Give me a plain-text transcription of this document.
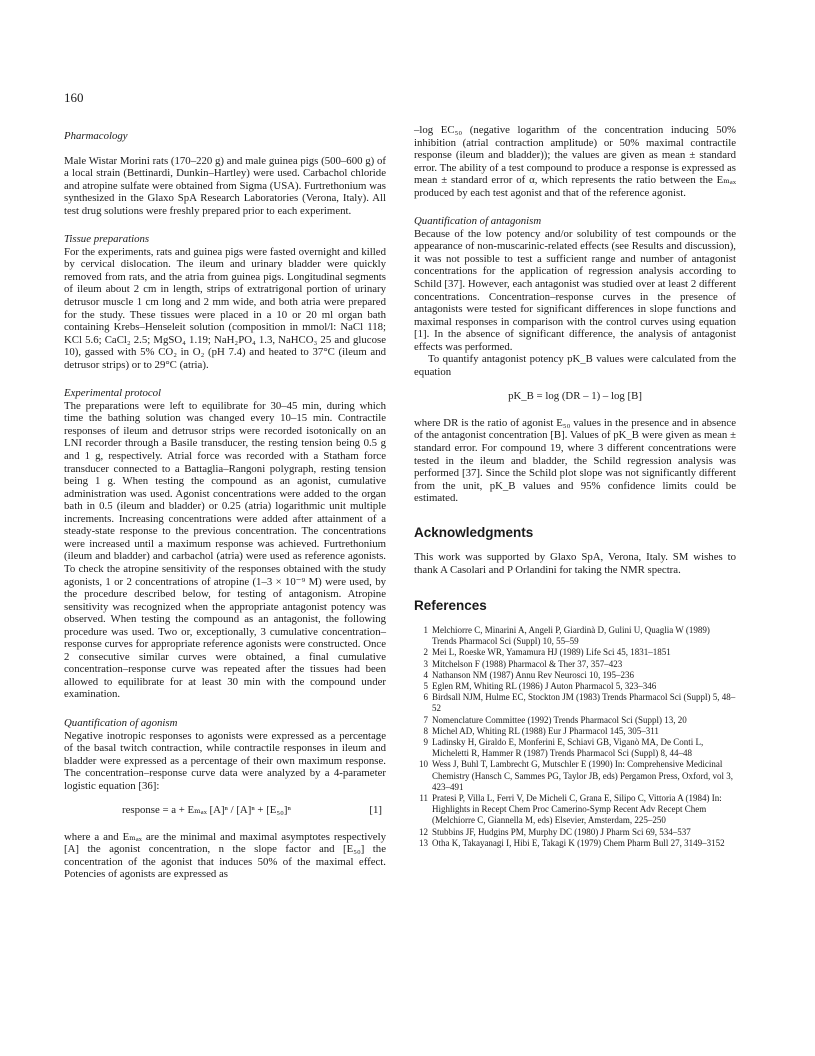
160
Pharmacology

Male Wistar Morini rats (170–220 g) and male guinea pigs (500–600 g) of a local strain (Bettinardi, Dunkin–Hartley) were used. Carbachol chloride and atropine sulfate were obtained from Sigma (USA). Furtrethonium was synthesized in the Glaxo SpA Research Laboratories (Verona, Italy). All test drug solutions were freshly prepared prior to each experiment.

Tissue preparations

For the experiments, rats and guinea pigs were fasted overnight and killed by cervical dislocation. The ileum and urinary bladder were quickly removed from rats, and the atria from guinea pigs. Longitudinal segments of ileum about 2 cm in length, strips of extratrigonal portion of urinary detrusor muscle 1 cm long and 2 mm wide, and both atria were prepared for the study. These tissues were placed in a 10 or 20 ml organ bath containing Krebs–Henseleit solution (composition in mmol/l: NaCl 118; KCl 5.6; CaCl₂ 2.5; MgSO₄ 1.19; NaH₂PO₄ 1.3, NaHCO₃ 25 and glucose 10), gassed with 5% CO₂ in O₂ (pH 7.4) and heated to 37°C (ileum and detrusor strips) or to 29°C (atria).

Experimental protocol

The preparations were left to equilibrate for 30–45 min, during which time the bathing solution was changed every 10–15 min. Contractile responses of ileum and detrusor strips were recorded isotonically on an LNI recorder through a Basile transducer, the resting tension being 0.5 g and 1 g, respectively. Atrial force was recorded with a Statham force transducer connected to a Battaglia–Rangoni polygraph, resting tension being 1 g. When testing the compound as an agonist, cumulative administration was used. Agonist concentrations were added to the organ bath in 0.5 (ileum and bladder) or 0.25 (atria) logarithmic unit multiple increments. Increasing concentrations were added after attainment of a steady-state response to the previous concentration. The concentrations were increased until a maximum response was achieved. Furtrethonium (ileum and bladder) and carbachol (atria) were used as reference agonists. To check the atropine sensitivity of the responses obtained with the study agonists, 1 or 2 concentrations of atropine (1–3 × 10⁻⁹ M) were used, by the procedure described below, for testing of antagonism. Atropine sensitivity was recognized when the appropriate antagonist potency was observed. When testing the compound as an antagonist, the following procedure was used. Two or, exceptionally, 3 cumulative concentration–response curves for appropriate reference agonists were constructed. Once 2 consecutive similar curves were obtained, a final cumulative concentration–response curve was repeated after the tissues had been allowed to equilibrate for at least 30 min with the compound under examination.

Quantification of agonism

Negative inotropic responses to agonists were expressed as a percentage of the basal twitch contraction, while contractile responses in ileum and bladder were expressed as a percentage of their own maximum response. The concentration–response curve data were analyzed by a 4-parameter logistic equation [36]:

response = a + Eₘₐₓ [A]ⁿ / [A]ⁿ + [E₅₀]ⁿ	[1]

where a and Eₘₐₓ are the minimal and maximal asymptotes respectively [A] the agonist concentration, n the slope factor and [E₅₀] the concentration of the agonist that induces 50% of the maximal effect. Potencies of agonists are expressed as

–log EC₅₀ (negative logarithm of the concentration inducing 50% inhibition (atrial contraction amplitude) or 50% maximal contractile response (ileum and bladder)); the values are given as mean ± standard error. The ability of a test compound to produce a response is expressed as mean ± standard error of α, which represents the ratio between the Eₘₐₓ produced by each test agonist and that of the reference agonist.

Quantification of antagonism

Because of the low potency and/or solubility of test compounds or the appearance of non-muscarinic-related effects (see Results and discussion), it was not possible to test a sufficient range and number of antagonist concentrations for the application of regression analysis according to Schild [37]. However, each antagonist was studied over at least 2 different concentrations. Concentration–response curves in the presence of antagonists were tested for significant differences in slope functions and maximal responses in comparison with the control curves using equation [1]. In the absence of significant difference, the analysis of antagonist effects was performed.

To quantify antagonist potency pK_B values were calculated from the equation

pK_B = log (DR – 1) – log [B]

where DR is the ratio of agonist E₅₀ values in the presence and in absence of the antagonist concentration [B]. Values of pK_B were given as mean ± standard error. For compound 19, where 3 different concentrations were tested in the ileum and bladder, the Schild regression analysis was performed [37]. Since the Schild plot slope was not significantly different from the unit, pK_B values and 95% confidence limits could be estimated.

Acknowledgments

This work was supported by Glaxo SpA, Verona, Italy. SM wishes to thank A Casolari and P Orlandini for taking the NMR spectra.

References
1 Melchiorre C, Minarini A, Angeli P, Giardinà D, Gulini U, Quaglia W (1989) Trends Pharmacol Sci (Suppl) 10, 55–59
2 Mei L, Roeske WR, Yamamura HJ (1989) Life Sci 45, 1831–1851
3 Mitchelson F (1988) Pharmacol & Ther 37, 357–423
4 Nathanson NM (1987) Annu Rev Neurosci 10, 195–236
5 Eglen RM, Whiting RL (1986) J Auton Pharmacol 5, 323–346
6 Birdsall NJM, Hulme EC, Stockton JM (1983) Trends Pharmacol Sci (Suppl) 5, 48–52
7 Nomenclature Committee (1992) Trends Pharmacol Sci (Suppl) 13, 20
8 Michel AD, Whiting RL (1988) Eur J Pharmacol 145, 305–311
9 Ladinsky H, Giraldo E, Monferini E, Schiavi GB, Viganò MA, De Conti L, Micheletti R, Hammer R (1987) Trends Pharmacol Sci (Suppl) 8, 44–48
10 Wess J, Buhl T, Lambrecht G, Mutschler E (1990) In: Comprehensive Medicinal Chemistry (Hansch C, Sammes PG, Taylor JB, eds) Pergamon Press, Oxford, vol 3, 423–491
11 Pratesi P, Villa L, Ferri V, De Micheli C, Grana E, Silipo C, Vittoria A (1984) In: Highlights in Recept Chem Proc Camerino-Symp Recent Adv Recept Chem (Melchiorre C, Giannella M, eds) Elsevier, Amsterdam, 225–250
12 Stubbins JF, Hudgins PM, Murphy DC (1980) J Pharm Sci 69, 534–537
13 Otha K, Takayanagi I, Hibi E, Takagi K (1979) Chem Pharm Bull 27, 3149–3152
